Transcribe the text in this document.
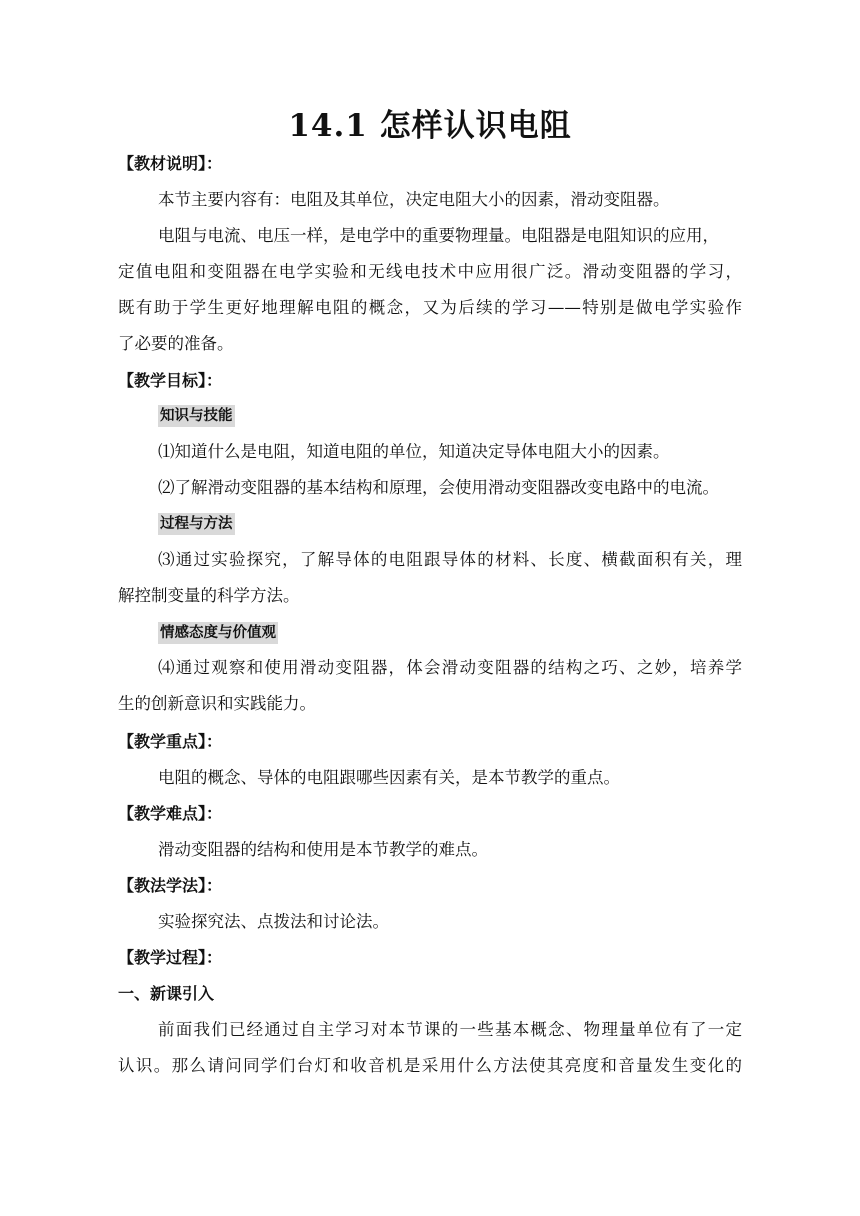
14.1 怎样认识电阻
【教材说明】：
本节主要内容有：电阻及其单位，决定电阻大小的因素，滑动变阻器。
电阻与电流、电压一样，是电学中的重要物理量。电阻器是电阻知识的应用，
定值电阻和变阻器在电学实验和无线电技术中应用很广泛。滑动变阻器的学习，
既有助于学生更好地理解电阻的概念，又为后续的学习——特别是做电学实验作
了必要的准备。
【教学目标】：
知识与技能
⑴知道什么是电阻，知道电阻的单位，知道决定导体电阻大小的因素。
⑵了解滑动变阻器的基本结构和原理，会使用滑动变阻器改变电路中的电流。
过程与方法
⑶通过实验探究，了解导体的电阻跟导体的材料、长度、横截面积有关，理
解控制变量的科学方法。
情感态度与价值观
⑷通过观察和使用滑动变阻器，体会滑动变阻器的结构之巧、之妙，培养学
生的创新意识和实践能力。
【教学重点】：
电阻的概念、导体的电阻跟哪些因素有关，是本节教学的重点。
【教学难点】：
滑动变阻器的结构和使用是本节教学的难点。
【教法学法】：
实验探究法、点拨法和讨论法。
【教学过程】：
一、新课引入
前面我们已经通过自主学习对本节课的一些基本概念、物理量单位有了一定
认识。那么请问同学们台灯和收音机是采用什么方法使其亮度和音量发生变化的
